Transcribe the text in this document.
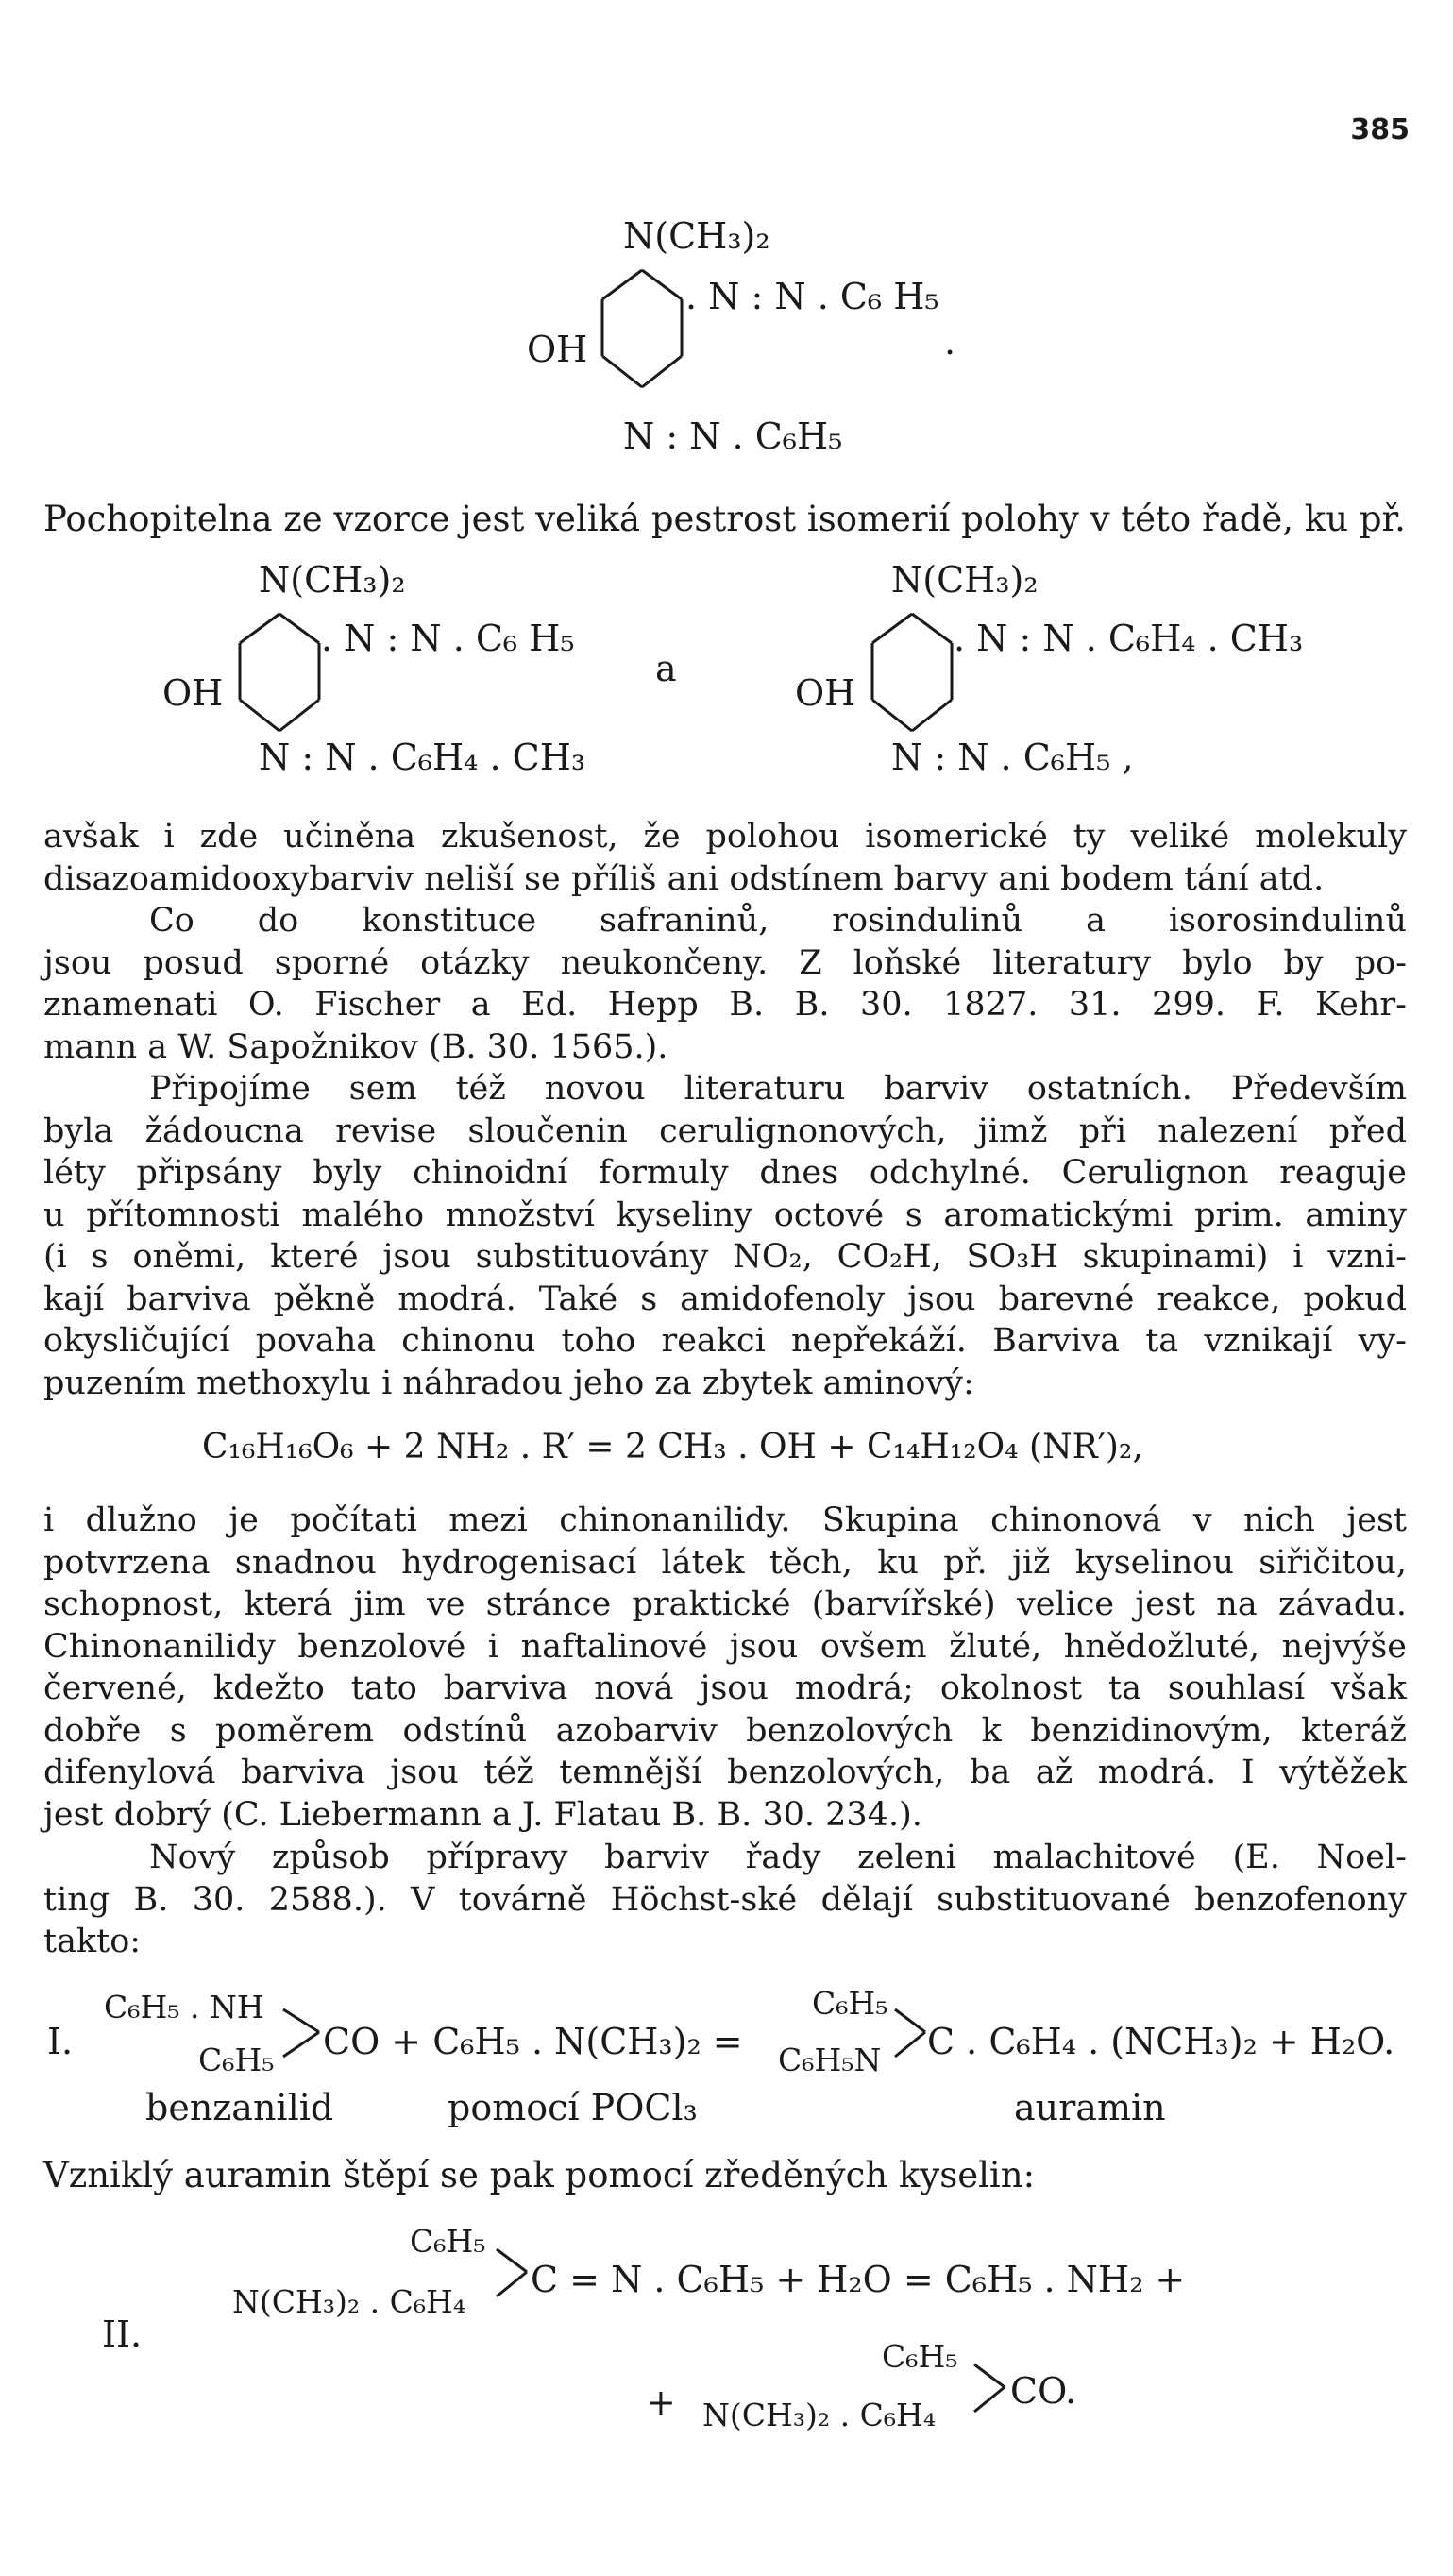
385
N(CH₃)₂
. N : N . C₆ H₅
.
OH
N : N . C₆H₅
Pochopitelna ze vzorce jest veliká pestrost isomerií polohy v této řadě, ku př.
N(CH₃)₂
. N : N . C₆ H₅
OH
N : N . C₆H₄ . CH₃
a
N(CH₃)₂
. N : N . C₆H₄ . CH₃
OH
N : N . C₆H₅ ,
avšak i zde učiněna zkušenost, že polohou isomerické ty veliké molekuly
disazoamidooxybarviv neliší se příliš ani odstínem barvy ani bodem tání atd.
Co do konstituce safraninů, rosindulinů a isorosindulinů
jsou posud sporné otázky neukončeny. Z loňské literatury bylo by po-
znamenati O. Fischer a Ed. Hepp B. B. 30. 1827. 31. 299. F. Kehr-
mann a W. Sapožnikov (B. 30. 1565.).
Připojíme sem též novou literaturu barviv ostatních. Především
byla žádoucna revise sloučenin cerulignonových, jimž při nalezení před
léty připsány byly chinoidní formuly dnes odchylné. Cerulignon reaguje
u přítomnosti malého množství kyseliny octové s aromatickými prim. aminy
(i s oněmi, které jsou substituovány NO₂, CO₂H, SO₃H skupinami) i vzni-
kají barviva pěkně modrá. Také s amidofenoly jsou barevné reakce, pokud
okysličující povaha chinonu toho reakci nepřekáží. Barviva ta vznikají vy-
puzením methoxylu i náhradou jeho za zbytek aminový:
C₁₆H₁₆O₆ + 2 NH₂ . R′ = 2 CH₃ . OH + C₁₄H₁₂O₄ (NR′)₂,
i dlužno je počítati mezi chinonanilidy. Skupina chinonová v nich jest
potvrzena snadnou hydrogenisací látek těch, ku př. již kyselinou siřičitou,
schopnost, která jim ve stránce praktické (barvířské) velice jest na závadu.
Chinonanilidy benzolové i naftalinové jsou ovšem žluté, hnědožluté, nejvýše
červené, kdežto tato barviva nová jsou modrá; okolnost ta souhlasí však
dobře s poměrem odstínů azobarviv benzolových k benzidinovým, kteráž
difenylová barviva jsou též temnější benzolových, ba až modrá. I výtěžek
jest dobrý (C. Liebermann a J. Flatau B. B. 30. 234.).
Nový způsob přípravy barviv řady zeleni malachitové (E. Noel-
ting B. 30. 2588.). V továrně Höchst-ské dělají substituované benzofenony
takto:
I.
C₆H₅ . NH
C₆H₅ CO + C₆H₅ . N(CH₃)₂ =
C₆H₅
C₆H₅N C . C₆H₄ . (NCH₃)₂ + H₂O.
benzanilid	pomocí POCl₃	auramin
Vzniklý auramin štěpí se pak pomocí zředěných kyselin:
C₆H₅
N(CH₃)₂ . C₆H₄
C = N . C₆H₅ + H₂O = C₆H₅ . NH₂ +
II.
C₆H₅
+ N(CH₃)₂ . C₆H₄
CO.
